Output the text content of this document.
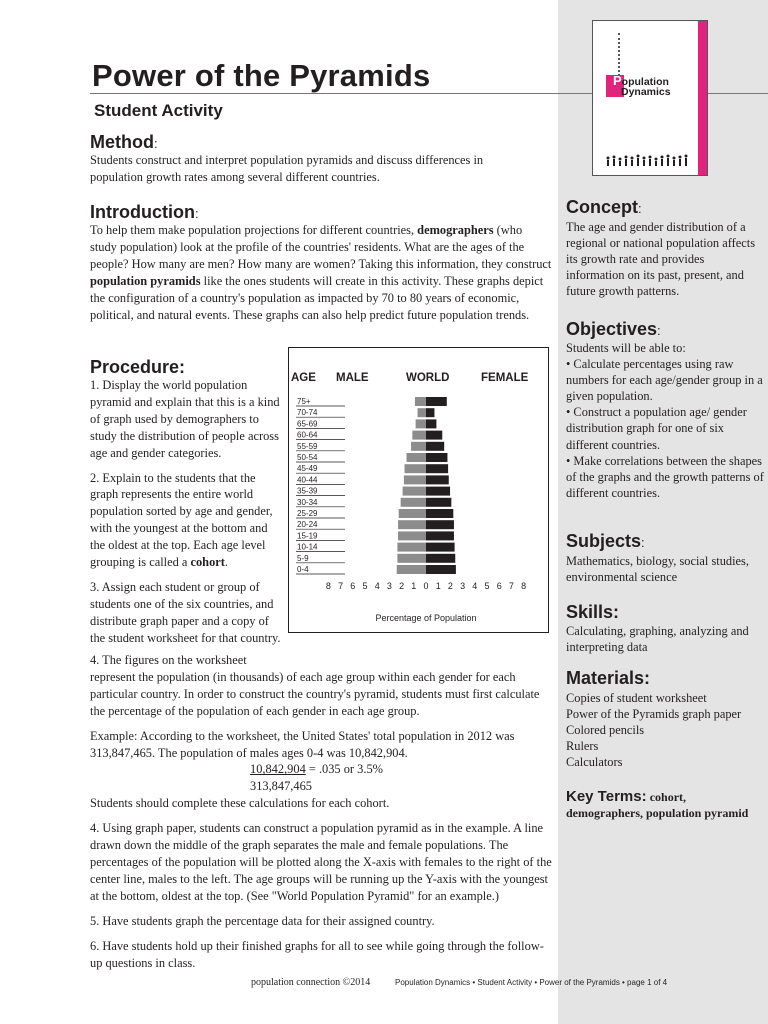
Power of the Pyramids
Student Activity
Method:
Students construct and interpret population pyramids and discuss differences in population growth rates among several different countries.
Introduction:
To help them make population projections for different countries, demographers (who study population) look at the profile of the countries' residents. What are the ages of the people? How many are men? How many are women? Taking this information, they construct population pyramids like the ones students will create in this activity. These graphs depict the configuration of a country's population as impacted by 70 to 80 years of economic, political, and natural events. These graphs can also help predict future population trends.
Procedure:

1. Display the world population pyramid and explain that this is a kind of graph used by demographers to study the distribution of people across age and gender categories.

2. Explain to the students that the graph represents the entire world population sorted by age and gender, with the youngest at the bottom and the oldest at the top. Each age level grouping is called a cohort.

3. Assign each student or group of students one of the six countries, and distribute graph paper and a copy of the student worksheet for that country.

4. The figures on the worksheet

represent the population (in thousands) of each age group within each gender for each particular country. In order to construct the country's pyramid, students must first calculate the percentage of the population of each gender in each age group.

Example: According to the worksheet, the United States' total population in 2012 was 313,847,465. The population of males ages 0-4 was 10,842,904.

10,842,904 = .035 or 3.5%
313,847,465

Students should complete these calculations for each cohort.

4. Using graph paper, students can construct a population pyramid as in the example. A line drawn down the middle of the graph separates the male and female populations. The percentages of the population will be plotted along the X-axis with females to the right of the center line, males to the left. The age groups will be running up the Y-axis with the youngest at the bottom, oldest at the top. (See "World Population Pyramid" for an example.)

5. Have students graph the percentage data for their assigned country.

6. Have students hold up their finished graphs for all to see while going through the follow-up questions in class.

AGE MALE	WORLD	FEMALE
75+
70-74
65-69
60-64
55-59
50-54
45-49
40-44
35-39
30-34
25-29
20-24
15-19
10-14
5-9
0-4
8 7 6 5 4 3 2 1 0 1 2 3 4 5 6 7 8
Percentage of Population
Population
Dynamics
Concept:
The age and gender distribution of a regional or national population affects its growth rate and provides information on its past, present, and future growth patterns.
Objectives:
Students will be able to:
• Calculate percentages using raw numbers for each age/gender group in a given population.
• Construct a population age/ gender distribution graph for one of six different countries.
• Make correlations between the shapes of the graphs and the growth patterns of different countries.
Subjects:
Mathematics, biology, social studies, environmental science
Skills:
Calculating, graphing, analyzing and interpreting data
Materials:
Copies of student worksheet
Power of the Pyramids graph paper
Colored pencils
Rulers
Calculators
Key Terms: cohort, demographers, population pyramid
population connection ©2014	Population Dynamics • Student Activity • Power of the Pyramids • page 1 of 4
